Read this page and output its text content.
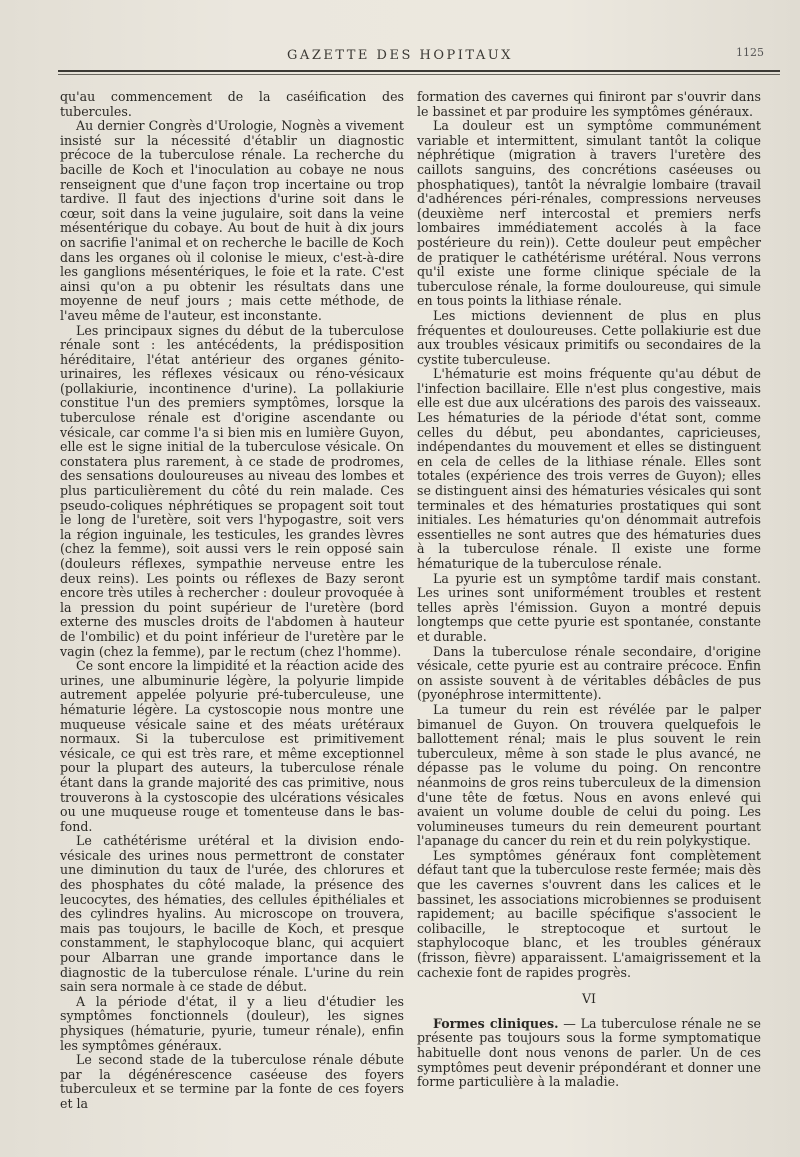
GAZETTE DES HOPITAUX	1125

qu'au commencement de la caséification des tubercules.

Au dernier Congrès d'Urologie, Nognès a vivement insisté sur la nécessité d'établir un diagnostic précoce de la tuberculose rénale. La recherche du bacille de Koch et l'inoculation au cobaye ne nous renseignent que d'une façon trop incertaine ou trop tardive. Il faut des injections d'urine soit dans le cœur, soit dans la veine jugulaire, soit dans la veine mésentérique du cobaye. Au bout de huit à dix jours on sacrifie l'animal et on recherche le bacille de Koch dans les organes où il colonise le mieux, c'est-à-dire les ganglions mésentériques, le foie et la rate. C'est ainsi qu'on a pu obtenir les résultats dans une moyenne de neuf jours ; mais cette méthode, de l'aveu même de l'auteur, est inconstante.

Les principaux signes du début de la tuberculose rénale sont : les antécédents, la prédisposition héréditaire, l'état antérieur des organes génito-urinaires, les réflexes vésicaux ou réno-vésicaux (pollakiurie, incontinence d'urine). La pollakiurie constitue l'un des premiers symptômes, lorsque la tuberculose rénale est d'origine ascendante ou vésicale, car comme l'a si bien mis en lumière Guyon, elle est le signe initial de la tuberculose vésicale. On constatera plus rarement, à ce stade de prodromes, des sensations douloureuses au niveau des lombes et plus particulièrement du côté du rein malade. Ces pseudo-coliques néphrétiques se propagent soit tout le long de l'uretère, soit vers l'hypogastre, soit vers la région inguinale, les testicules, les grandes lèvres (chez la femme), soit aussi vers le rein opposé sain (douleurs réflexes, sympathie nerveuse entre les deux reins). Les points ou réflexes de Bazy seront encore très utiles à rechercher : douleur provoquée à la pression du point supérieur de l'uretère (bord externe des muscles droits de l'abdomen à hauteur de l'ombilic) et du point inférieur de l'uretère par le vagin (chez la femme), par le rectum (chez l'homme).

Ce sont encore la limpidité et la réaction acide des urines, une albuminurie légère, la polyurie limpide autrement appelée polyurie pré-tuberculeuse, une hématurie légère. La cystoscopie nous montre une muqueuse vésicale saine et des méats urétéraux normaux. Si la tuberculose est primitivement vésicale, ce qui est très rare, et même exceptionnel pour la plupart des auteurs, la tuberculose rénale étant dans la grande majorité des cas primitive, nous trouverons à la cystoscopie des ulcérations vésicales ou une muqueuse rouge et tomenteuse dans le bas-fond.

Le cathétérisme urétéral et la division endo-vésicale des urines nous permettront de constater une diminution du taux de l'urée, des chlorures et des phosphates du côté malade, la présence des leucocytes, des hématies, des cellules épithéliales et des cylindres hyalins. Au microscope on trouvera, mais pas toujours, le bacille de Koch, et presque constamment, le staphylocoque blanc, qui acquiert pour Albarran une grande importance dans le diagnostic de la tuberculose rénale. L'urine du rein sain sera normale à ce stade de début.

A la période d'état, il y a lieu d'étudier les symptômes fonctionnels (douleur), les signes physiques (hématurie, pyurie, tumeur rénale), enfin les symptômes généraux.

Le second stade de la tuberculose rénale débute par la dégénérescence caséeuse des foyers tuberculeux et se termine par la fonte de ces foyers et la

formation des cavernes qui finiront par s'ouvrir dans le bassinet et par produire les symptômes généraux.

La douleur est un symptôme communément variable et intermittent, simulant tantôt la colique néphrétique (migration à travers l'uretère des caillots sanguins, des concrétions caséeuses ou phosphatiques), tantôt la névralgie lombaire (travail d'adhérences péri-rénales, compressions nerveuses (deuxième nerf intercostal et premiers nerfs lombaires immédiatement accolés à la face postérieure du rein)). Cette douleur peut empêcher de pratiquer le cathétérisme urétéral. Nous verrons qu'il existe une forme clinique spéciale de la tuberculose rénale, la forme douloureuse, qui simule en tous points la lithiase rénale.

Les mictions deviennent de plus en plus fréquentes et douloureuses. Cette pollakiurie est due aux troubles vésicaux primitifs ou secondaires de la cystite tuberculeuse.

L'hématurie est moins fréquente qu'au début de l'infection bacillaire. Elle n'est plus congestive, mais elle est due aux ulcérations des parois des vaisseaux. Les hématuries de la période d'état sont, comme celles du début, peu abondantes, capricieuses, indépendantes du mouvement et elles se distinguent en cela de celles de la lithiase rénale. Elles sont totales (expérience des trois verres de Guyon); elles se distinguent ainsi des hématuries vésicales qui sont terminales et des hématuries prostatiques qui sont initiales. Les hématuries qu'on dénommait autrefois essentielles ne sont autres que des hématuries dues à la tuberculose rénale. Il existe une forme hématurique de la tuberculose rénale.

La pyurie est un symptôme tardif mais constant. Les urines sont uniformément troubles et restent telles après l'émission. Guyon a montré depuis longtemps que cette pyurie est spontanée, constante et durable.

Dans la tuberculose rénale secondaire, d'origine vésicale, cette pyurie est au contraire précoce. Enfin on assiste souvent à de véritables débâcles de pus (pyonéphrose intermittente).

La tumeur du rein est révélée par le palper bimanuel de Guyon. On trouvera quelquefois le ballottement rénal; mais le plus souvent le rein tuberculeux, même à son stade le plus avancé, ne dépasse pas le volume du poing. On rencontre néanmoins de gros reins tuberculeux de la dimension d'une tête de fœtus. Nous en avons enlevé qui avaient un volume double de celui du poing. Les volumineuses tumeurs du rein demeurent pourtant l'apanage du cancer du rein et du rein polykystique.

Les symptômes généraux font complètement défaut tant que la tuberculose reste fermée; mais dès que les cavernes s'ouvrent dans les calices et le bassinet, les associations microbiennes se produisent rapidement; au bacille spécifique s'associent le colibacille, le streptocoque et surtout le staphylocoque blanc, et les troubles généraux (frisson, fièvre) apparaissent. L'amaigrissement et la cachexie font de rapides progrès.

VI

Formes cliniques. — La tuberculose rénale ne se présente pas toujours sous la forme symptomatique habituelle dont nous venons de parler. Un de ces symptômes peut devenir prépondérant et donner une forme particulière à la maladie.
